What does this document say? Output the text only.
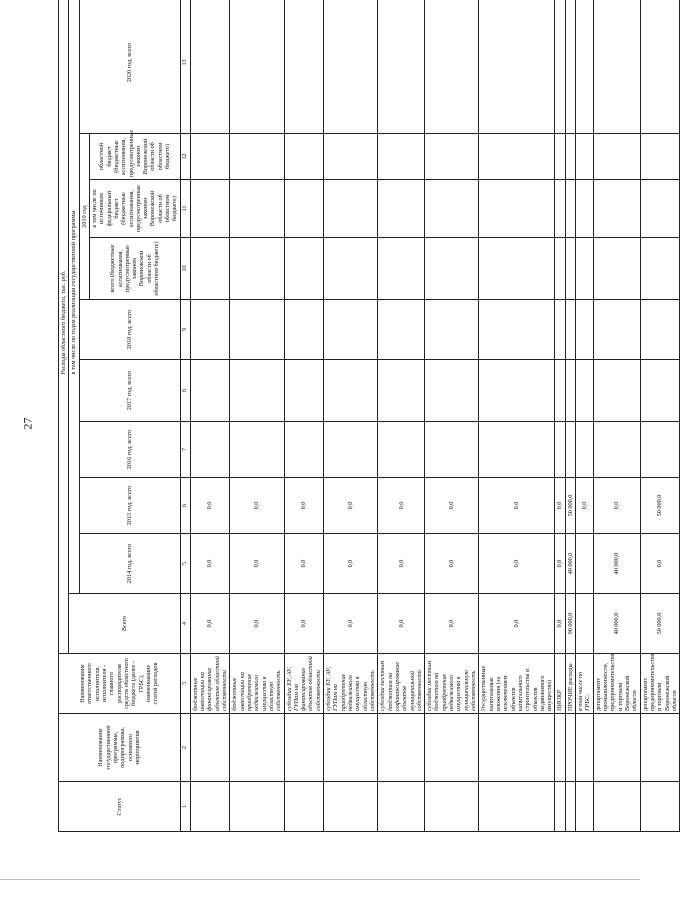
27
Статус	Наименование государственной программы, подпрограммы, основного мероприятия	Наименование ответственного исполнителя, исполнителя - главного распорядителя средств областного бюджета (далее - ГРБС), наименование статей расходов	Расходы областного бюджета, тыс. руб.									
			Всего	в том числе по годам реализации государственной программы								
				2014 год, всего	2015 год, всего	2016 год, всего	2017 год, всего	2018 год, всего	2019 год			2020 год, всего
									всего (бюджетные ассигнования, предусмотренные законом Воронежской области об областном бюджете)	в том числе по источникам федеральный бюджет (бюджетные ассигнования, предусмотренные законом Воронежской области об областном бюджете)	областной бюджет (бюджетные ассигнования, предусмотренные законом Воронежской области об областном бюджете)	
1	2	3	4	5	6	7	8	9	10	11	12	13
		бюджетные инвестиции на финансирование объектов областной собственности	0,0	0,0	0,0							
		бюджетные инвестиции на приобретение недвижимого имущества в областную собственность	0,0	0,0	0,0							
		субсидии БУ, АУ, ГУПам на финансирование объектов областной собственности	0,0	0,0	0,0							
		субсидии БУ, АУ, ГУПам на приобретение недвижимого имущества в областную собственность	0,0	0,0	0,0							
		субсидии местным бюджетам на софинансирование объектов муниципальной собственности	0,0	0,0	0,0							
		субсидии местным бюджетам на приобретение недвижимого имущества в муниципальную собственность	0,0	0,0	0,0							
		Государственные капитальные вложения (за исключением объектов капитального строительства и объектов недвижимого имущества)	0,0	0,0	0,0							
		НИОКР	0,0	0,0	0,0							
		ПРОЧИЕ расходы	90 000,0	40 000,0	50 000,0							
		в том числе по ГРБС:			0,0							
		департамент промышленности, предпринимательства и торговли Воронежской области	40 000,0	40 000,0	0,0							
		департамент предпринимательства и торговли Воронежской области	50 000,0	0,0	50 000,0							
